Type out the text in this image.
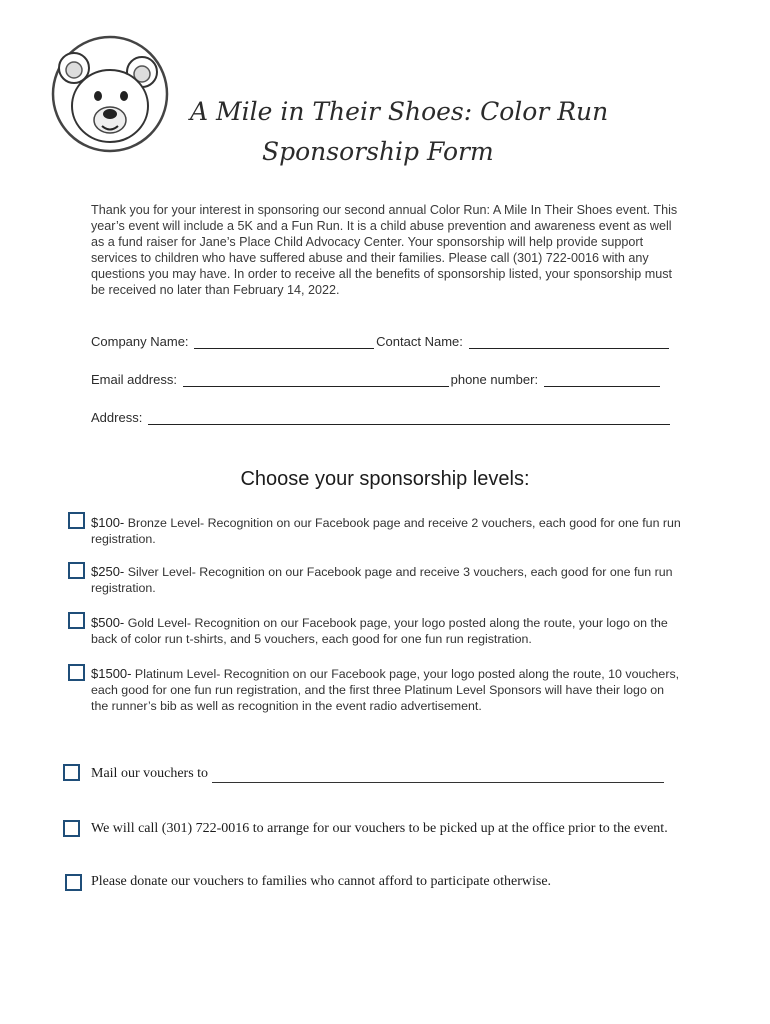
A Mile in Their Shoes: Color Run
Sponsorship Form

Thank you for your interest in sponsoring our second annual Color Run: A Mile In Their Shoes event. This year’s event will include a 5K and a Fun Run. It is a child abuse prevention and awareness event as well as a fund raiser for Jane’s Place Child Advocacy Center. Your sponsorship will help provide support services to children who have suffered abuse and their families. Please call (301) 722-0016 with any questions you may have. In order to receive all the benefits of sponsorship listed, your sponsorship must be received no later than February 14, 2022.

Company Name:	Contact Name:
Email address:	phone number:
Address:
Choose your sponsorship levels:

$100- Bronze Level- Recognition on our Facebook page and receive 2 vouchers, each good for one fun run registration.

$250- Silver Level- Recognition on our Facebook page and receive 3 vouchers, each good for one fun run registration.

$500- Gold Level- Recognition on our Facebook page, your logo posted along the route, your logo on the back of color run t-shirts, and 5 vouchers, each good for one fun run registration.

$1500- Platinum Level- Recognition on our Facebook page, your logo posted along the route, 10 vouchers, each good for one fun run registration, and the first three Platinum Level Sponsors will have their logo on the runner’s bib as well as recognition in the event radio advertisement.

Mail our vouchers to

We will call (301) 722-0016 to arrange for our vouchers to be picked up at the office prior to the event.

Please donate our vouchers to families who cannot afford to participate otherwise.
